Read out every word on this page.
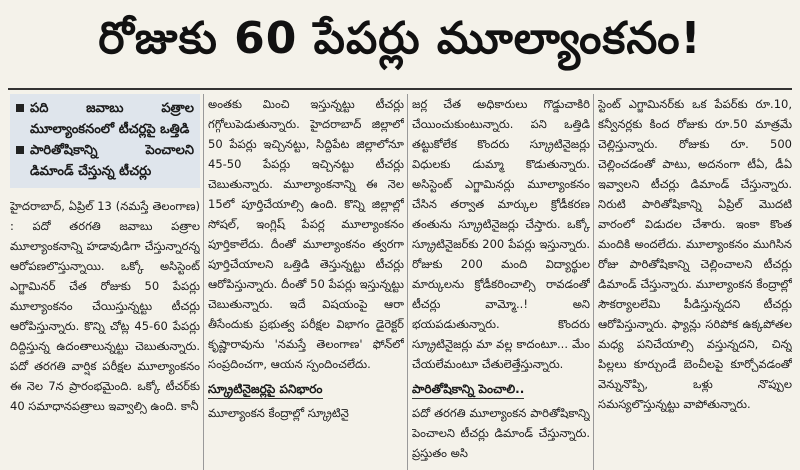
రోజుకు 60 పేపర్లు మూల్యాంకనం!
పది జవాబు పత్రాల మూల్యాంకనంలో టీచర్లపై ఒత్తిడి
పారితోషికాన్ని పెంచాలని డిమాండ్ చేస్తున్న టీచర్లు

హైదరాబాద్, ఏప్రిల్ 13 (నమస్తే తెలంగాణ) : పదో తరగతి జవాబు పత్రాల మూల్యాంకనాన్ని హడావుడిగా చేస్తున్నారన్న ఆరోపణలొస్తున్నాయి. ఒక్కో అసిస్టెంట్ ఎగ్జామినర్ చేత రోజుకు 50 పేపర్లు మూల్యాంకనం చేయిస్తున్నట్టు టీచర్లు ఆరోపిస్తున్నారు. కొన్ని చోట్ల 45-60 పేపర్లు దిద్దిస్తున్న ఉదంతాలున్నట్టు చెబుతున్నారు. పదో తరగతి వార్షిక పరీక్షల మూల్యాంకనం ఈ నెల 7న ప్రారంభమైంది. ఒక్కో టీచర్‌కు 40 సమాధానపత్రాలు ఇవ్వాల్సి ఉంది. కానీ

అంతకు మించి ఇస్తున్నట్టు టీచర్లు గగ్గోలుపెడుతున్నారు. హైదరాబాద్ జిల్లాలో 50 పేపర్లు ఇచ్చినట్టు, సిద్దిపేట జిల్లాలోనూ 45-50 పేపర్లు ఇచ్చినట్టు టీచర్లు చెబుతున్నారు. మూల్యాంకనాన్ని ఈ నెల 15లో పూర్తిచేయాల్సి ఉంది. కొన్ని జిల్లాల్లో సోషల్, ఇంగ్లిష్ పేపర్ల మూల్యాంకనం పూర్తికాలేదు. దీంతో మూల్యాంకనం త్వరగా పూర్తిచేయాలని ఒత్తిడి తెస్తున్నట్టు టీచర్లు ఆరోపిస్తున్నారు. దీంతో 50 పేపర్లు ఇస్తున్నట్టు చెబుతున్నారు. ఇదే విషయంపై ఆరా తీసేందుకు ప్రభుత్వ పరీక్షల విభాగం డైరెక్టర్ కృష్ణారావును 'నమస్తే తెలంగాణ' ఫోన్‌లో సంప్రదించగా, ఆయన స్పందించలేదు.

స్క్రూటినైజర్లపై పనిభారం

మూల్యాంకన కేంద్రాల్లో స్క్రూటినై

జర్ల చేత అధికారులు గొడ్డుచాకిరి చేయించుకుంటున్నారు. పని ఒత్తిడి తట్టుకోలేక కొందరు స్క్రూటినైజర్లు విధులకు డుమ్మా కొడుతున్నారు. అసిస్టెంట్ ఎగ్జామినర్లు మూల్యాంకనం చేసిన తర్వాత మార్కుల క్రోడీకరణ తంతును స్క్రూటినైజర్లు చేస్తారు. ఒక్కో స్క్రూటినైజర్‌కు 200 పేపర్లు ఇస్తున్నారు. రోజుకు 200 మంది విద్యార్థుల మార్కులను క్రోడీకరించాల్సి రావడంతో టీచర్లు వామ్మో..! అని భయపడుతున్నారు. కొందరు స్క్రూటినైజర్లు మా వల్ల కాదంటూ... మేం చేయలేమంటూ చేతులెత్తేస్తున్నారు.

పారితోషికాన్ని పెంచాలి..

పదో తరగతి మూల్యాంకన పారితోషికాన్ని పెంచాలని టీచర్లు డిమాండ్ చేస్తున్నారు. ప్రస్తుతం అసి

స్టెంట్ ఎగ్జామినర్‌కు ఒక పేపర్‌కు రూ.10, కన్వీనర్లకు కింద రోజుకు రూ.50 మాత్రమే చెల్లిస్తున్నారు. రోజుకు రూ. 500 చెల్లించడంతో పాటు, అదనంగా టీఏ, డీఏ ఇవ్వాలని టీచర్లు డిమాండ్ చేస్తున్నారు. నిరుటి పారితోషికాన్ని ఏప్రిల్ మొదటి వారంలో విడుదల చేశారు. ఇంకా కొంత మందికి అందలేదు. మూల్యాంకనం ముగిసిన రోజు పారితోషికాన్ని చెల్లించాలని టీచర్లు డిమాండ్ చేస్తున్నారు. మూల్యాంకన కేంద్రాల్లో సౌకర్యాలలేమి పీడిస్తున్నదని టీచర్లు ఆరోపిస్తున్నారు. ఫ్యాన్లు సరిపోక ఉక్కపోతల మధ్య పనిచేయాల్సి వస్తున్నదని, చిన్న పిల్లలు కూర్చుండే బెంచీలపై కూర్చోవడంతో వెన్నునొప్పి, ఒళ్లు నొప్పుల సమస్యలొస్తున్నట్టు వాపోతున్నారు.
